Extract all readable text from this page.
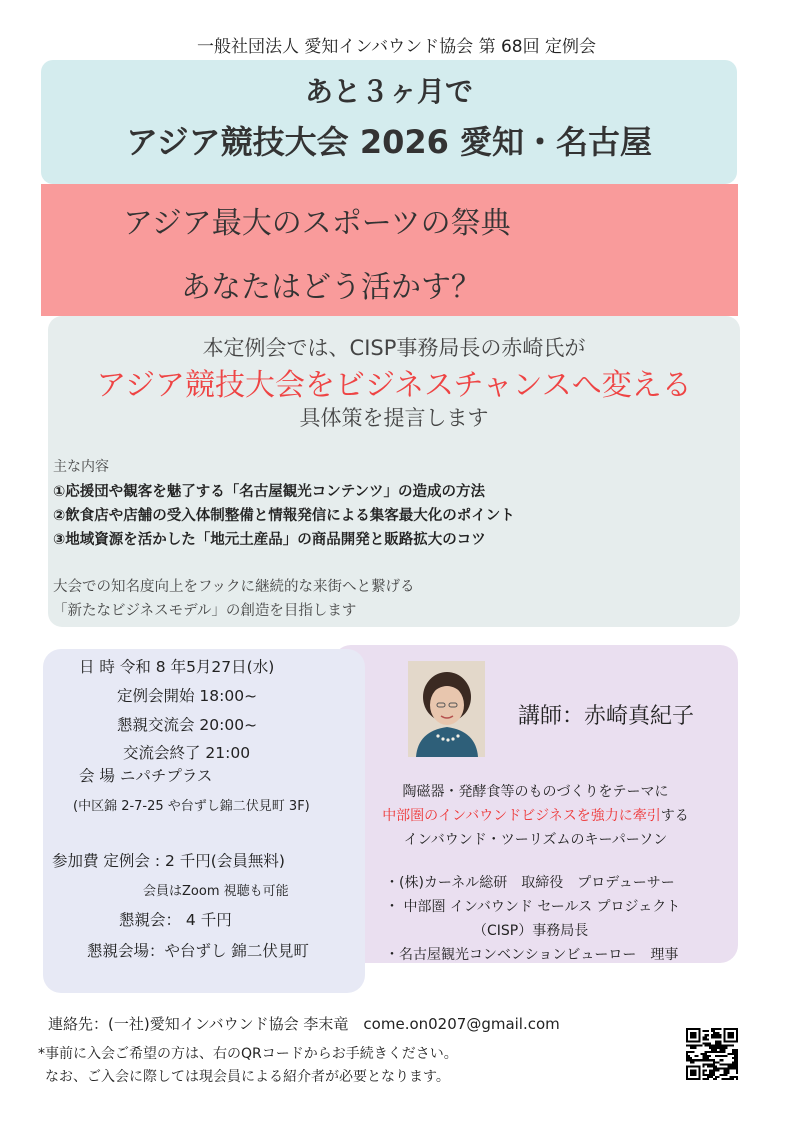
一般社団法人 愛知インバウンド協会 第 68回 定例会
あと３ヶ月で
アジア競技大会 2026 愛知・名古屋
アジア最大のスポーツの祭典
あなたはどう活かす？
本定例会では、CISP事務局長の赤崎氏が
アジア競技大会をビジネスチャンスへ変える
具体策を提言します
主な内容
①応援団や観客を魅了する「名古屋観光コンテンツ」の造成の方法
②飲食店や店舗の受入体制整備と情報発信による集客最大化のポイント
③地域資源を活かした「地元土産品」の商品開発と販路拡大のコツ
大会での知名度向上をフックに継続的な来街へと繋げる
「新たなビジネスモデル」の創造を目指します
講師：赤崎真紀子
陶磁器・発酵食等のものづくりをテーマに
中部圏のインバウンドビジネスを強力に牽引する
インバウンド・ツーリズムのキーパーソン
・(株)カーネル総研　取締役　プロデューサー
・ 中部圏 インバウンド セールス プロジェクト
（CISP）事務局長
・名古屋観光コンベンションビューロー　理事
日 時 令和 8 年5月27日(水)
定例会開始 18:00~
懇親交流会 20:00~
交流会終了 21:00
会 場 ニパチプラス
(中区錦 2-7-25 や台ずし錦二伏見町 3F)
参加費 定例会 : 2 千円(会員無料)
会員はZoom 視聴も可能
懇親会： 4 千円
懇親会場：や台ずし 錦二伏見町
連絡先：(一社)愛知インバウンド協会 李末竜　come.on0207@gmail.com
*事前に入会ご希望の方は、右のQRコードからお手続きください。
なお、ご入会に際しては現会員による紹介者が必要となります。
